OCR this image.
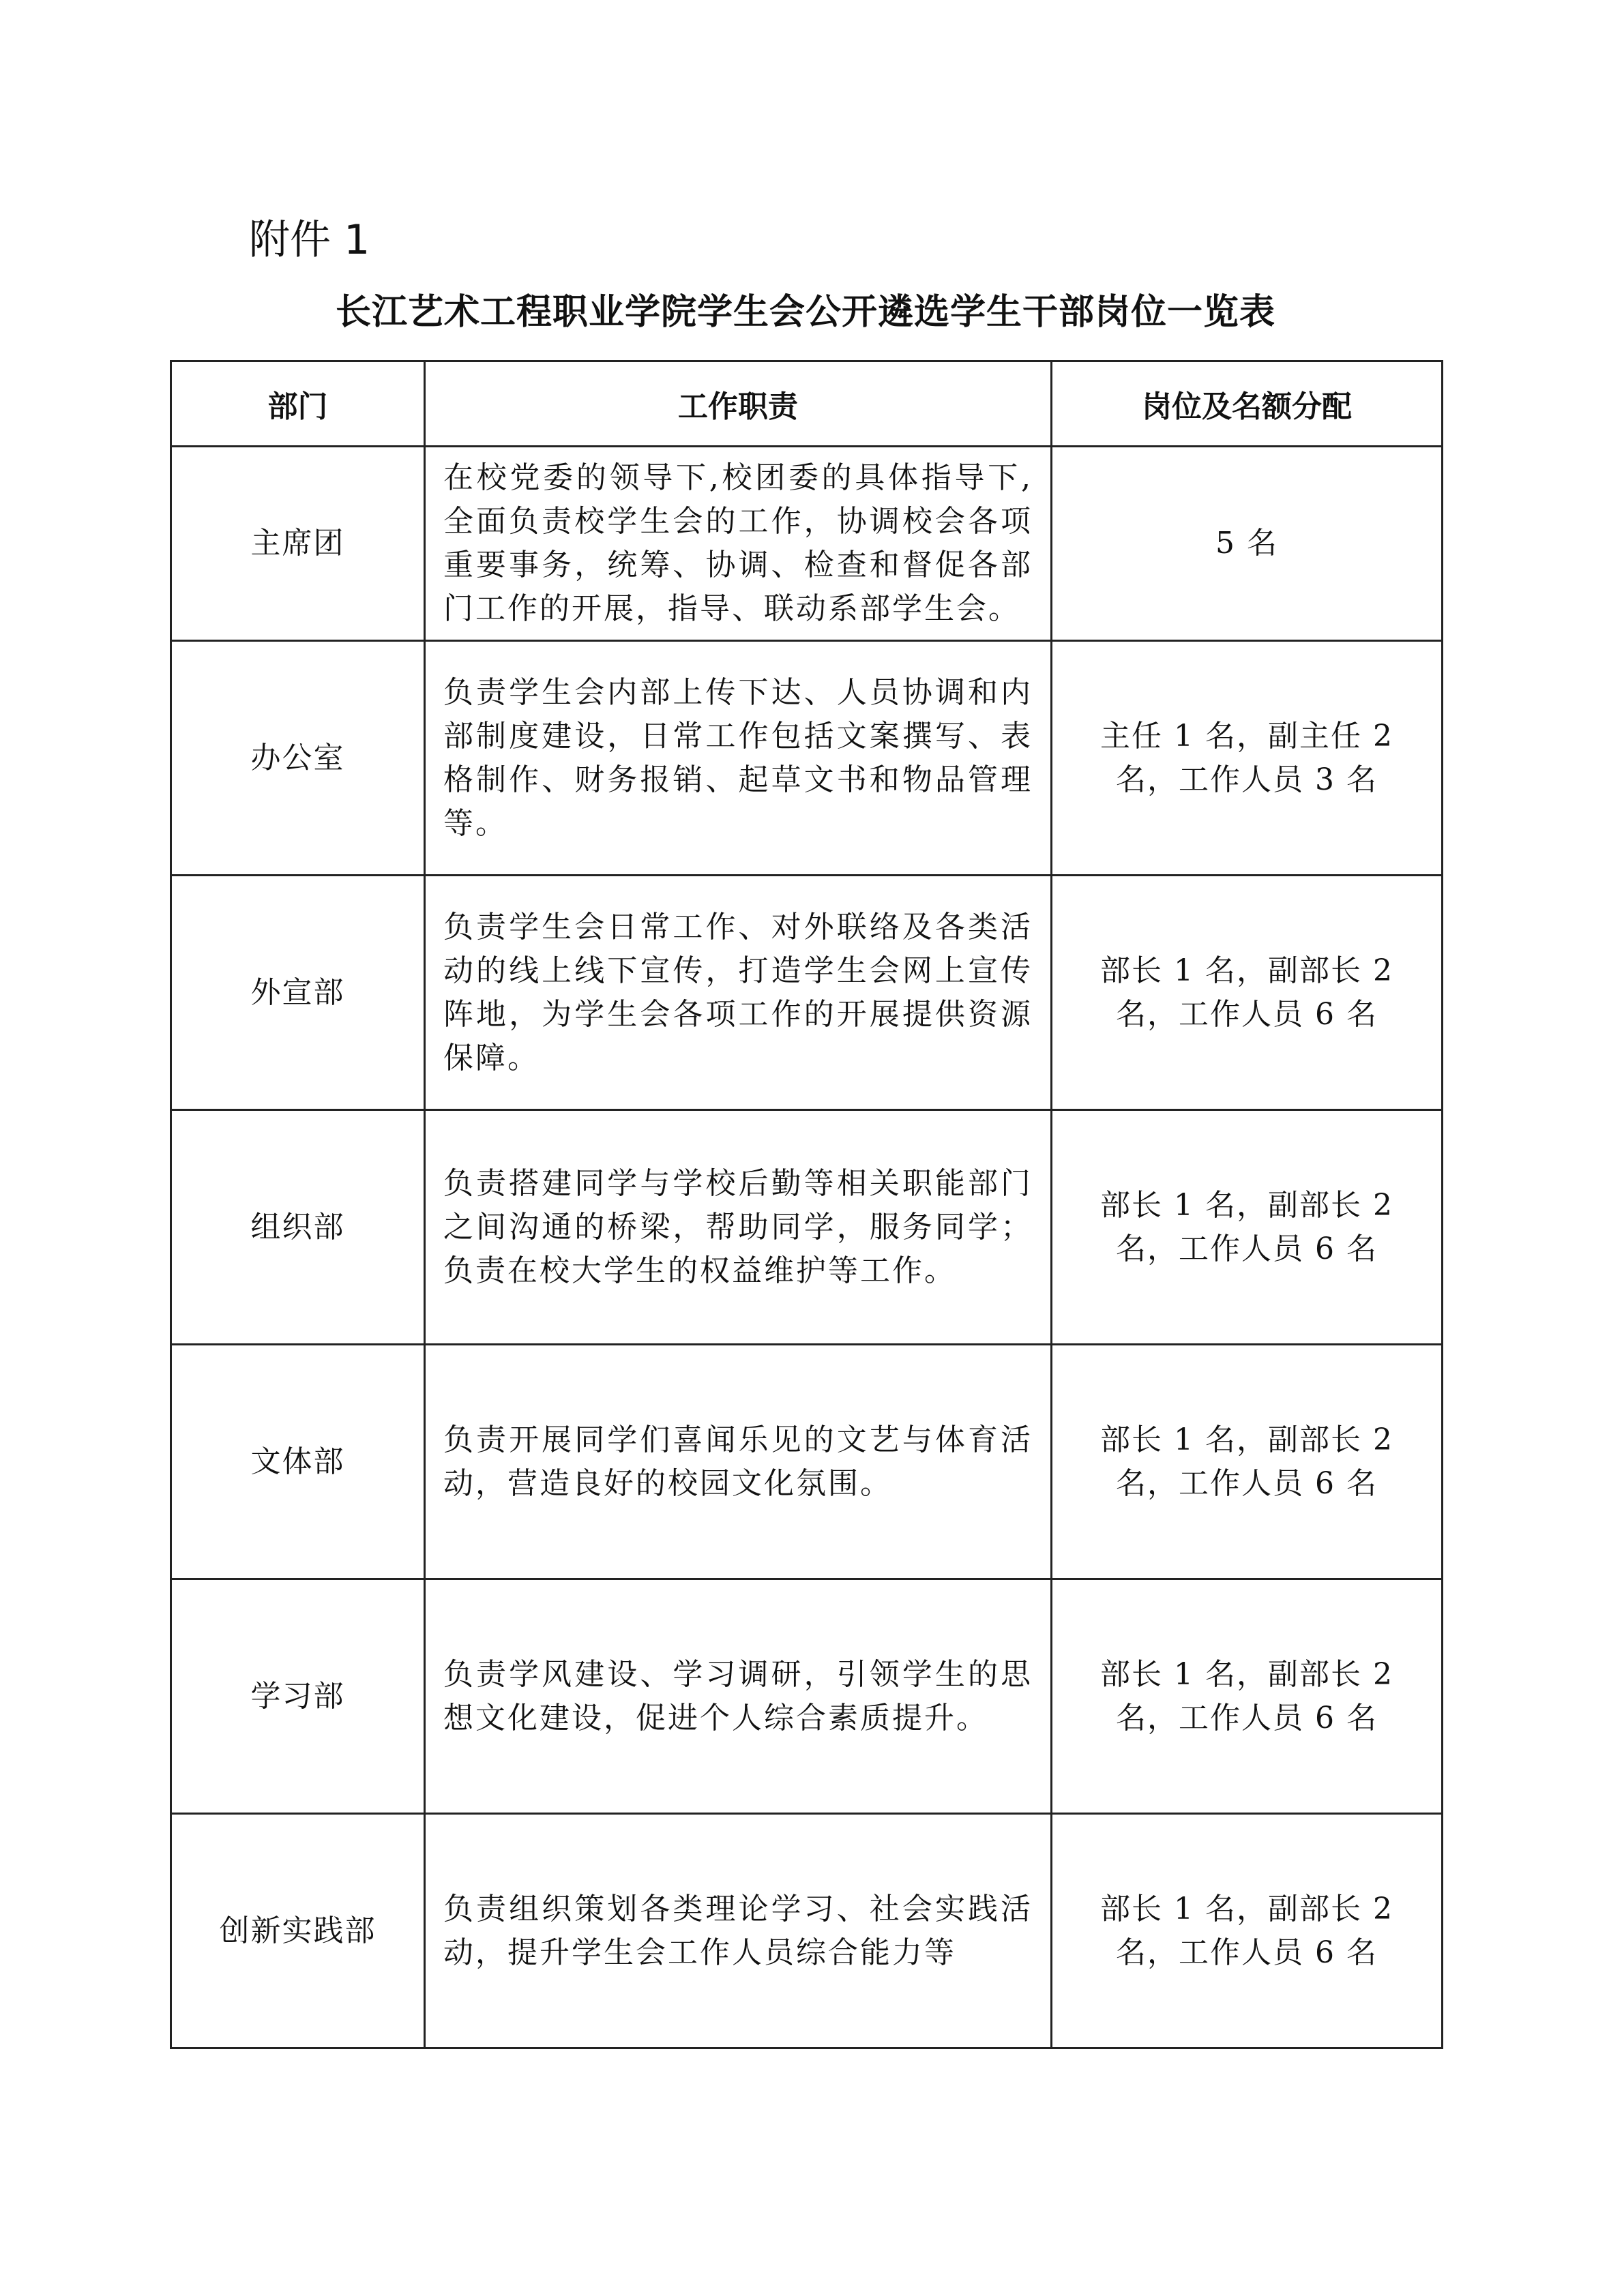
附件 1
长江艺术工程职业学院学生会公开遴选学生干部岗位一览表
部门	工作职责	岗位及名额分配
主席团	在校党委的领导下,校团委的具体指导下,全面负责校学生会的工作，协调校会各项重要事务，统筹、协调、检查和督促各部门工作的开展，指导、联动系部学生会。	5 名
办公室	负责学生会内部上传下达、人员协调和内部制度建设，日常工作包括文案撰写、表格制作、财务报销、起草文书和物品管理等。	主任 1 名，副主任 2 名，工作人员 3 名
外宣部	负责学生会日常工作、对外联络及各类活动的线上线下宣传，打造学生会网上宣传阵地，为学生会各项工作的开展提供资源保障。	部长 1 名，副部长 2 名，工作人员 6 名
组织部	负责搭建同学与学校后勤等相关职能部门之间沟通的桥梁，帮助同学，服务同学；负责在校大学生的权益维护等工作。	部长 1 名，副部长 2 名，工作人员 6 名
文体部	负责开展同学们喜闻乐见的文艺与体育活动，营造良好的校园文化氛围。	部长 1 名，副部长 2 名，工作人员 6 名
学习部	负责学风建设、学习调研，引领学生的思想文化建设，促进个人综合素质提升。	部长 1 名，副部长 2 名，工作人员 6 名
创新实践部	负责组织策划各类理论学习、社会实践活动，提升学生会工作人员综合能力等	部长 1 名，副部长 2 名，工作人员 6 名
